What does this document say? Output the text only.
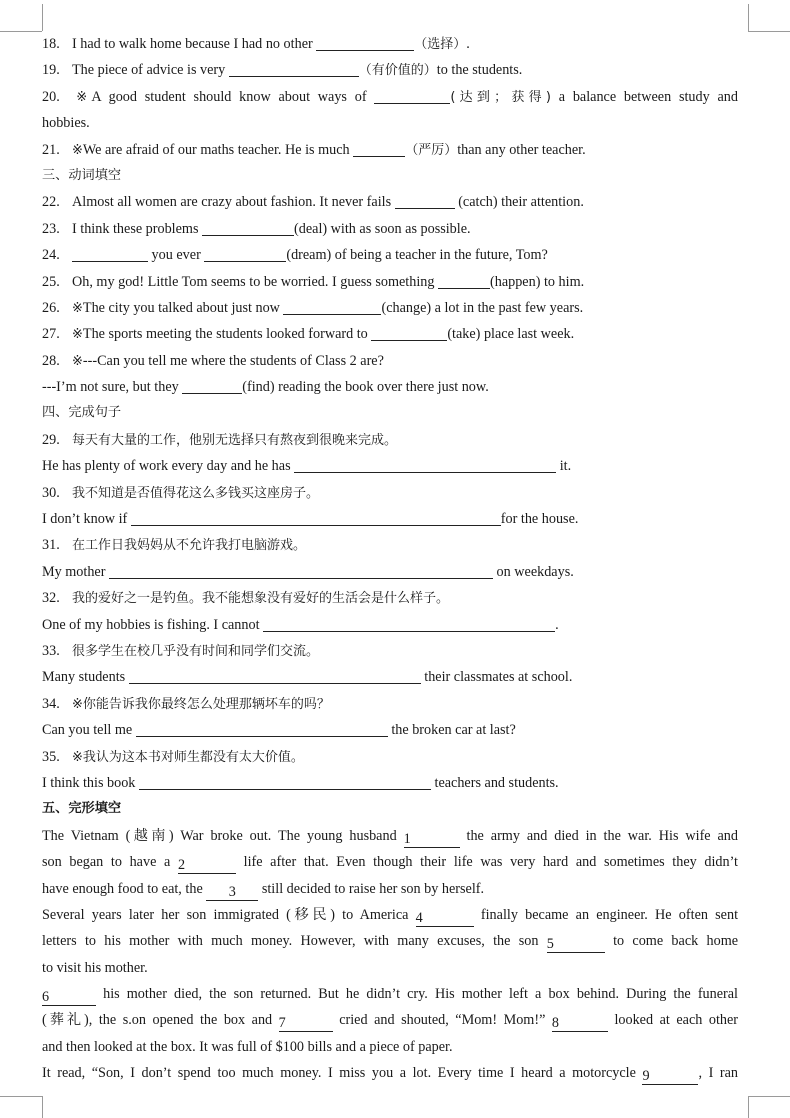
18. I had to walk home because I had no other	（选择）.
19. The piece of advice is very	（有价值的）to the students.
20. ※A good student should know about ways of	(达到；获得) a balance between study and
hobbies.
21. ※We are afraid of our maths teacher. He is much	（严厉）than any other teacher.
三、动词填空
22. Almost all women are crazy about fashion. It never fails	(catch) their attention.
23. I think these problems	(deal) with as soon as possible.
24.	you ever	(dream) of being a teacher in the future, Tom?
25. Oh, my god! Little Tom seems to be worried. I guess something	(happen) to him.
26. ※The city you talked about just now	(change) a lot in the past few years.
27. ※The sports meeting the students looked forward to	(take) place last week.
28. ※---Can you tell me where the students of Class 2 are?
---I’m not sure, but they	(find) reading the book over there just now.
四、完成句子
29. 每天有大量的工作，他别无选择只有熬夜到很晚来完成。
He has plenty of work every day and he has	it.
30. 我不知道是否值得花这么多钱买这座房子。
I don’t know if	for the house.
31. 在工作日我妈妈从不允许我打电脑游戏。
My mother	on weekdays.
32. 我的爱好之一是钓鱼。我不能想象没有爱好的生活会是什么样子。
One of my hobbies is fishing. I cannot	.
33. 很多学生在校几乎没有时间和同学们交流。
Many students	their classmates at school.
34. ※你能告诉我你最终怎么处理那辆坏车的吗？
Can you tell me	the broken car at last?
35. ※我认为这本书对师生都没有太大价值。
I think this book	teachers and students.
五、完形填空
The Vietnam (越南) War broke out. The young husband 1	the army and died in the war. His wife and
son began to have a 2	life after that. Even though their life was very hard and sometimes they didn’t
have enough food to eat, the 3 still decided to raise her son by herself.
Several years later her son immigrated (移民) to America 4	finally became an engineer. He often sent
letters to his mother with much money. However, with many excuses, the son 5	to come back home
to visit his mother.
6	his mother died, the son returned. But he didn’t cry. His mother left a box behind. During the funeral
(葬礼), the s.on opened the box and 7	cried and shouted, “Mom! Mom!” 8	looked at each other
and then looked at the box. It was full of $100 bills and a piece of paper.
It read, “Son, I don’t spend too much money. I miss you a lot. Every time I heard a motorcycle 9	, I ran
